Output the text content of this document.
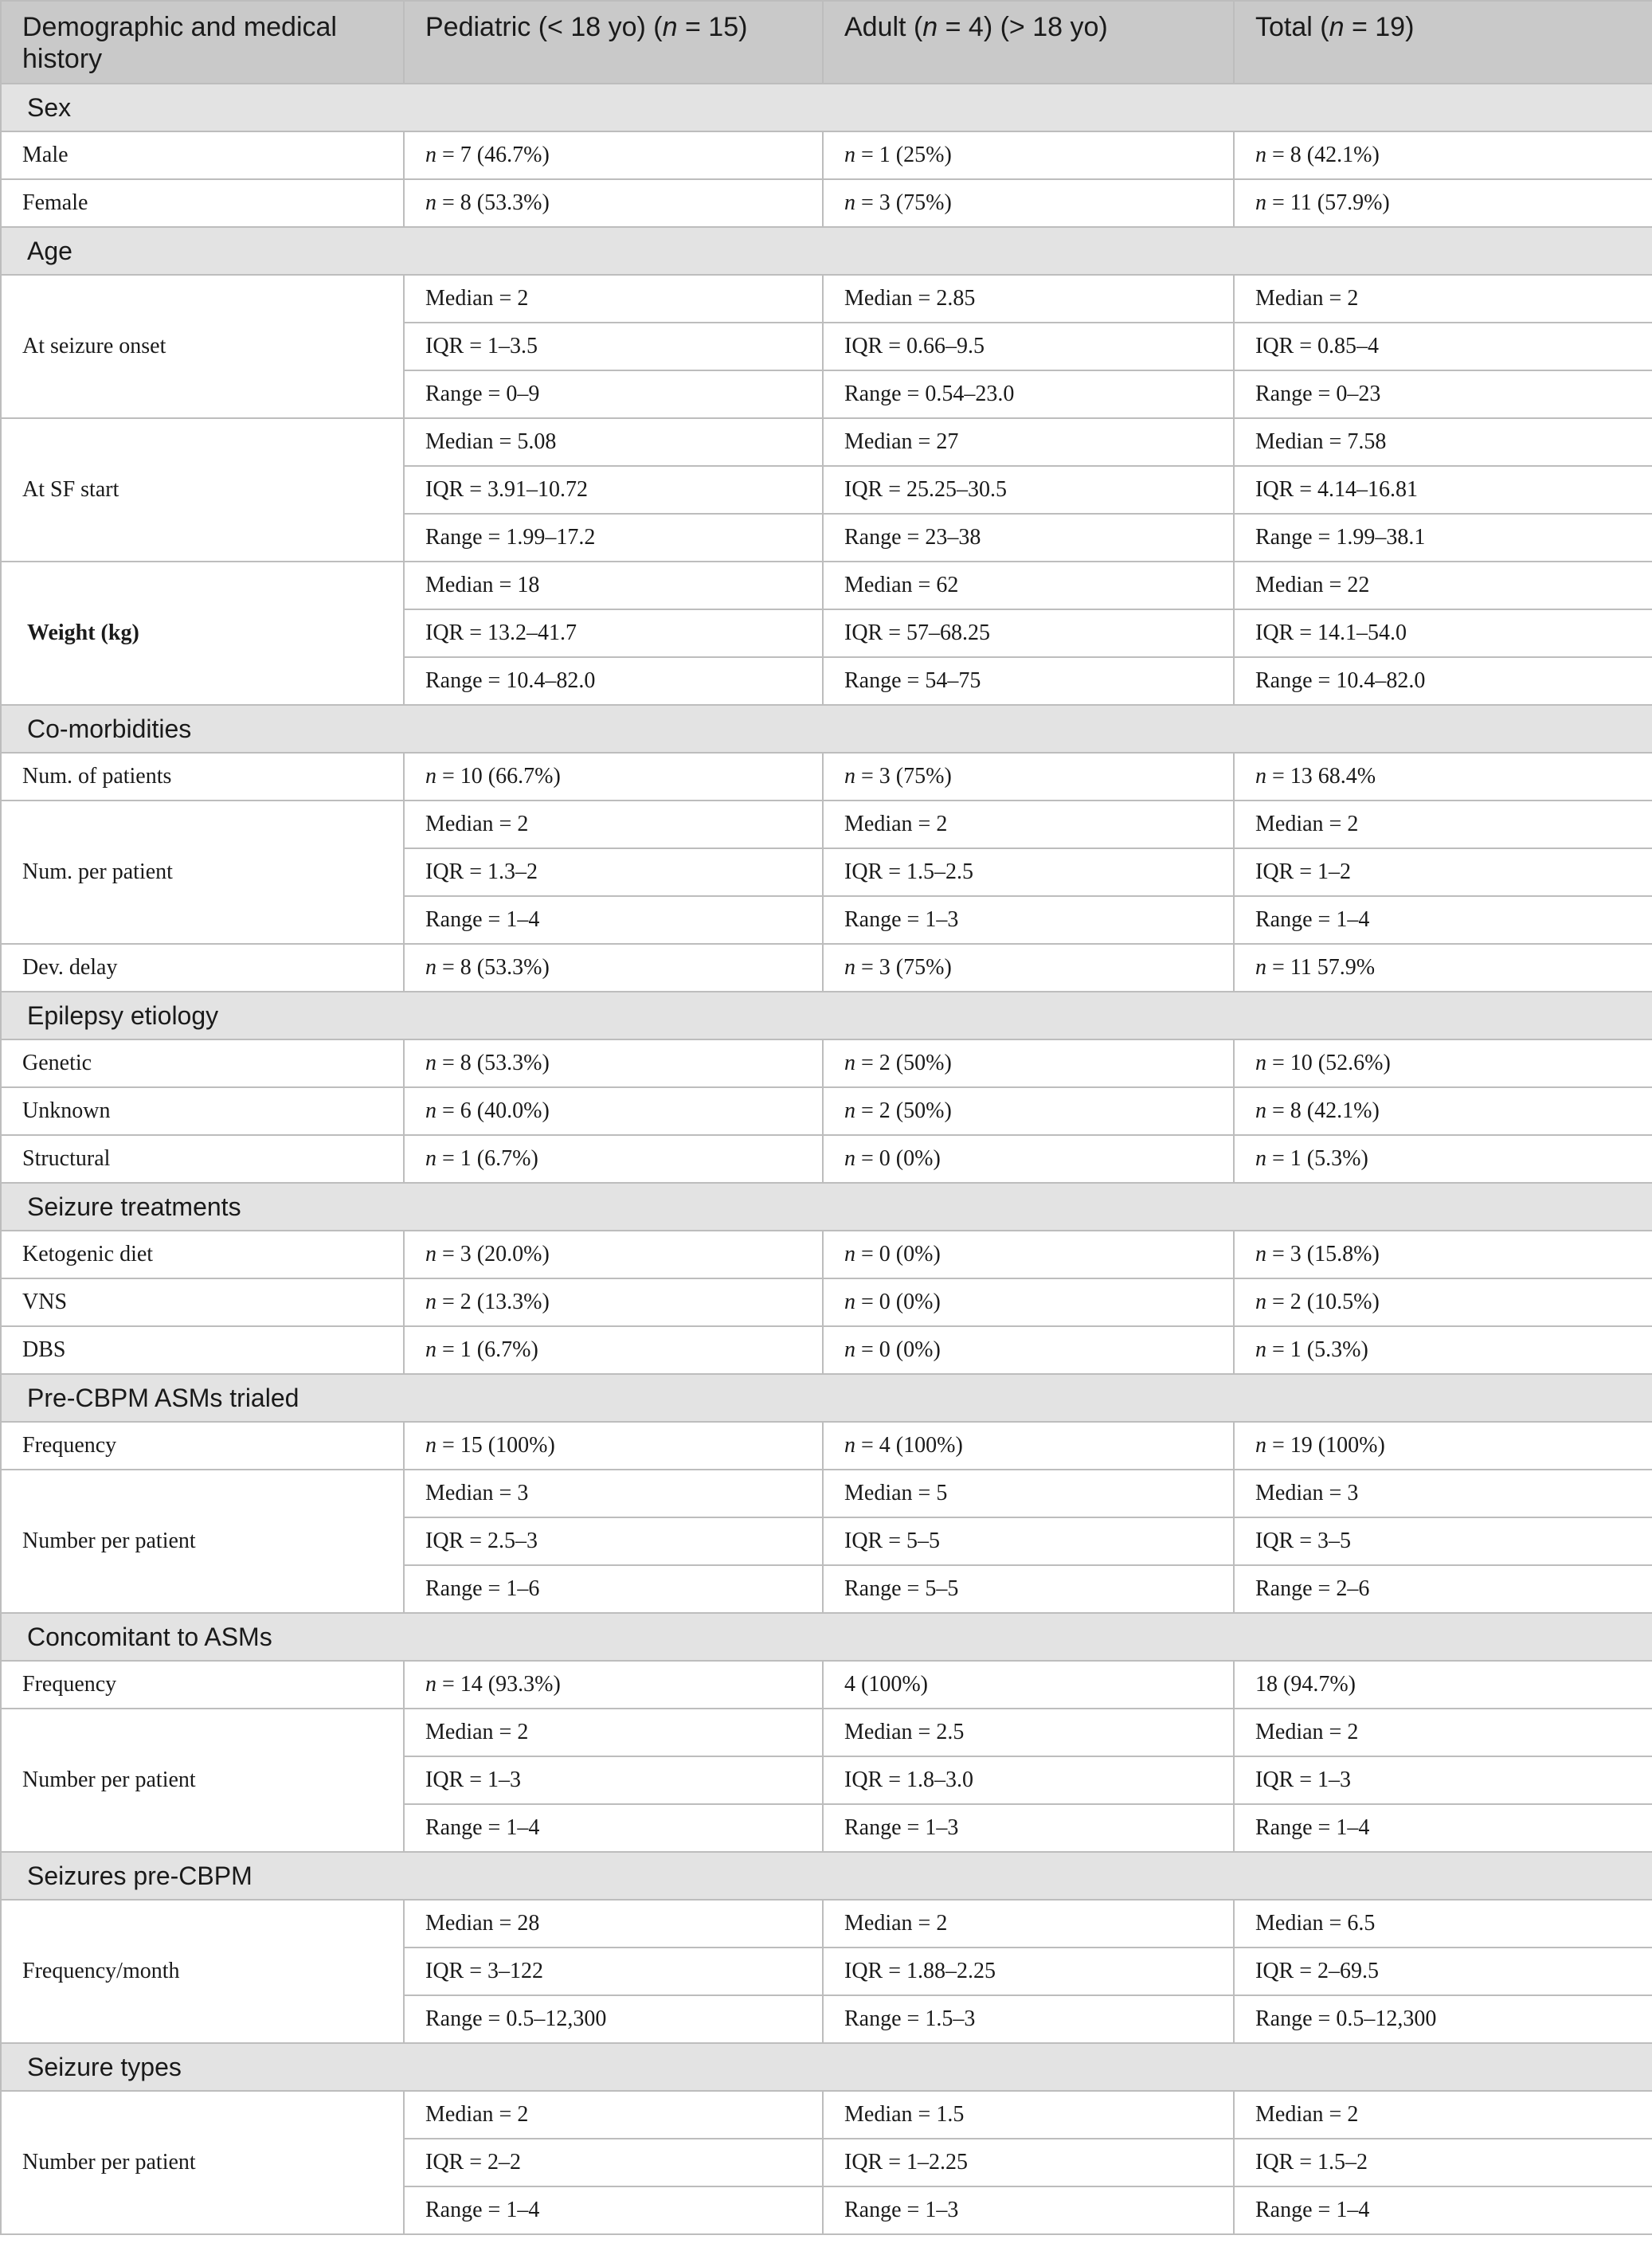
Demographic and medical history	Pediatric (< 18 yo) (n = 15)	Adult (n = 4) (> 18 yo)	Total (n = 19)
Sex			
Male	n = 7 (46.7%)	n = 1 (25%)	n = 8 (42.1%)
Female	n = 8 (53.3%)	n = 3 (75%)	n = 11 (57.9%)
Age			
At seizure onset	Median = 2	Median = 2.85	Median = 2
	IQR = 1–3.5	IQR = 0.66–9.5	IQR = 0.85–4
	Range = 0–9	Range = 0.54–23.0	Range = 0–23
At SF start	Median = 5.08	Median = 27	Median = 7.58
	IQR = 3.91–10.72	IQR = 25.25–30.5	IQR = 4.14–16.81
	Range = 1.99–17.2	Range = 23–38	Range = 1.99–38.1
Weight (kg)	Median = 18	Median = 62	Median = 22
	IQR = 13.2–41.7	IQR = 57–68.25	IQR = 14.1–54.0
	Range = 10.4–82.0	Range = 54–75	Range = 10.4–82.0
Co-morbidities			
Num. of patients	n = 10 (66.7%)	n = 3 (75%)	n = 13 68.4%
Num. per patient	Median = 2	Median = 2	Median = 2
	IQR = 1.3–2	IQR = 1.5–2.5	IQR = 1–2
	Range = 1–4	Range = 1–3	Range = 1–4
Dev. delay	n = 8 (53.3%)	n = 3 (75%)	n = 11 57.9%
Epilepsy etiology			
Genetic	n = 8 (53.3%)	n = 2 (50%)	n = 10 (52.6%)
Unknown	n = 6 (40.0%)	n = 2 (50%)	n = 8 (42.1%)
Structural	n = 1 (6.7%)	n = 0 (0%)	n = 1 (5.3%)
Seizure treatments			
Ketogenic diet	n = 3 (20.0%)	n = 0 (0%)	n = 3 (15.8%)
VNS	n = 2 (13.3%)	n = 0 (0%)	n = 2 (10.5%)
DBS	n = 1 (6.7%)	n = 0 (0%)	n = 1 (5.3%)
Pre-CBPM ASMs trialed			
Frequency	n = 15 (100%)	n = 4 (100%)	n = 19 (100%)
Number per patient	Median = 3	Median = 5	Median = 3
	IQR = 2.5–3	IQR = 5–5	IQR = 3–5
	Range = 1–6	Range = 5–5	Range = 2–6
Concomitant to ASMs			
Frequency	n = 14 (93.3%)	4 (100%)	18 (94.7%)
Number per patient	Median = 2	Median = 2.5	Median = 2
	IQR = 1–3	IQR = 1.8–3.0	IQR = 1–3
	Range = 1–4	Range = 1–3	Range = 1–4
Seizures pre-CBPM			
Frequency/month	Median = 28	Median = 2	Median = 6.5
	IQR = 3–122	IQR = 1.88–2.25	IQR = 2–69.5
	Range = 0.5–12,300	Range = 1.5–3	Range = 0.5–12,300
Seizure types			
Number per patient	Median = 2	Median = 1.5	Median = 2
	IQR = 2–2	IQR = 1–2.25	IQR = 1.5–2
	Range = 1–4	Range = 1–3	Range = 1–4
